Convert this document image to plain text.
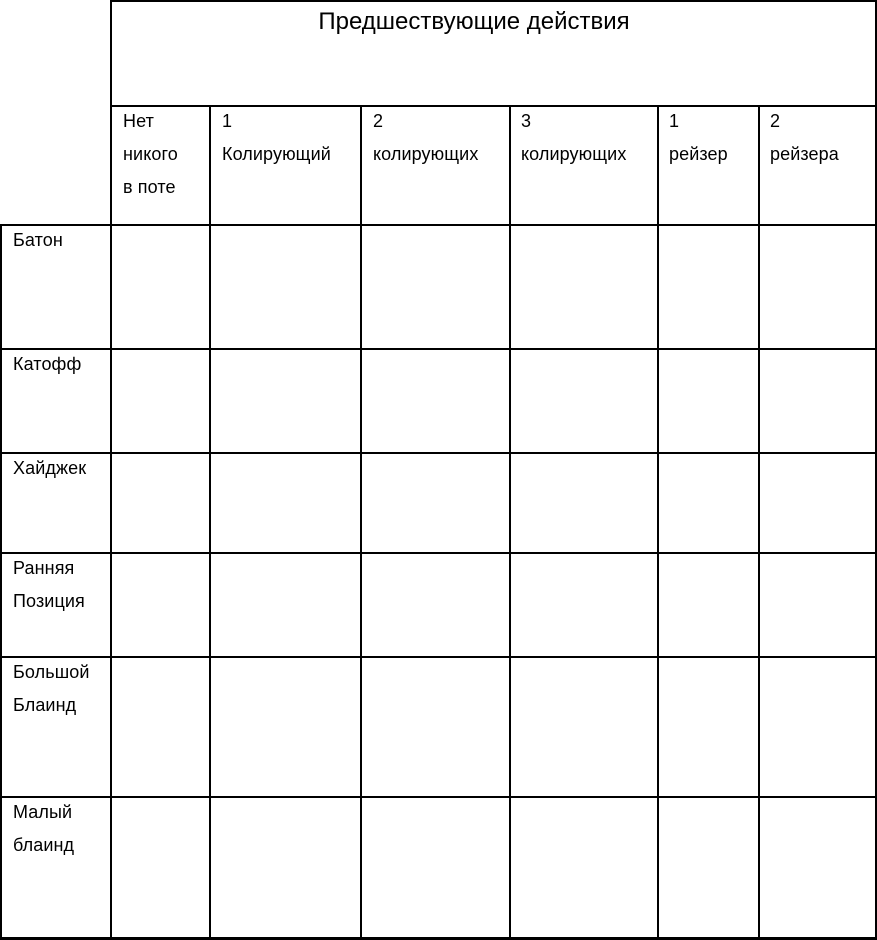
Предшествующие действия
Нет
никого
в поте
1
Колирующий
2
колирующих
3
колирующих
1
рейзер
2
рейзера
Батон
Катофф
Хайджек
Ранняя
Позиция
Большой
Блаинд
Малый
блаинд
